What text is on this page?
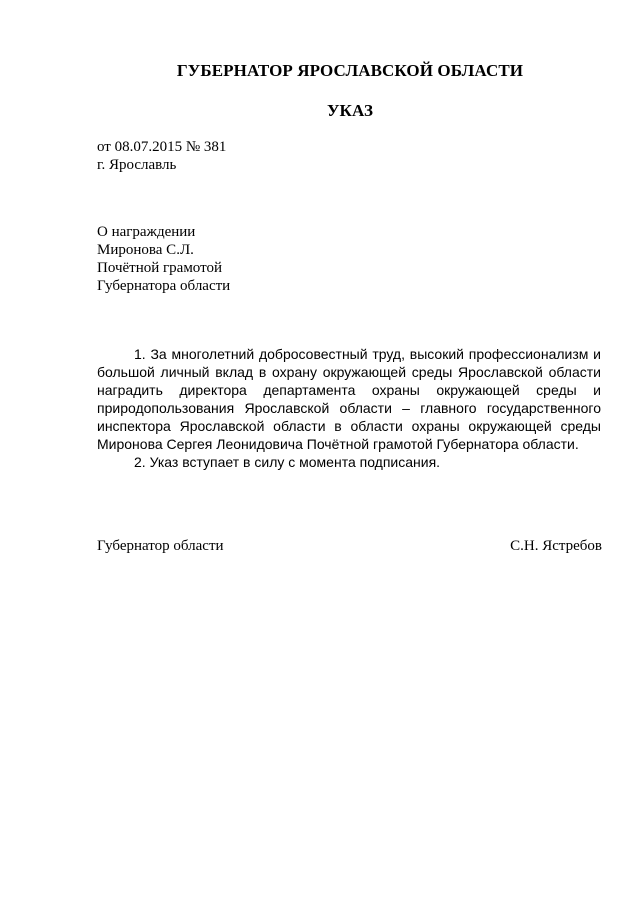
ГУБЕРНАТОР ЯРОСЛАВСКОЙ ОБЛАСТИ
УКАЗ
от 08.07.2015 № 381
г. Ярославль
О награждении
Миронова С.Л.
Почётной грамотой
Губернатора области

1. За многолетний добросовестный труд, высокий профессионализм и большой личный вклад в охрану окружающей среды Ярославской области наградить директора департамента охраны окружающей среды и природопользования Ярославской области – главного государственного инспектора Ярославской области в области охраны окружающей среды Миронова Сергея Леонидовича Почётной грамотой Губернатора области.

2. Указ вступает в силу с момента подписания.

Губернатор области	С.Н. Ястребов
